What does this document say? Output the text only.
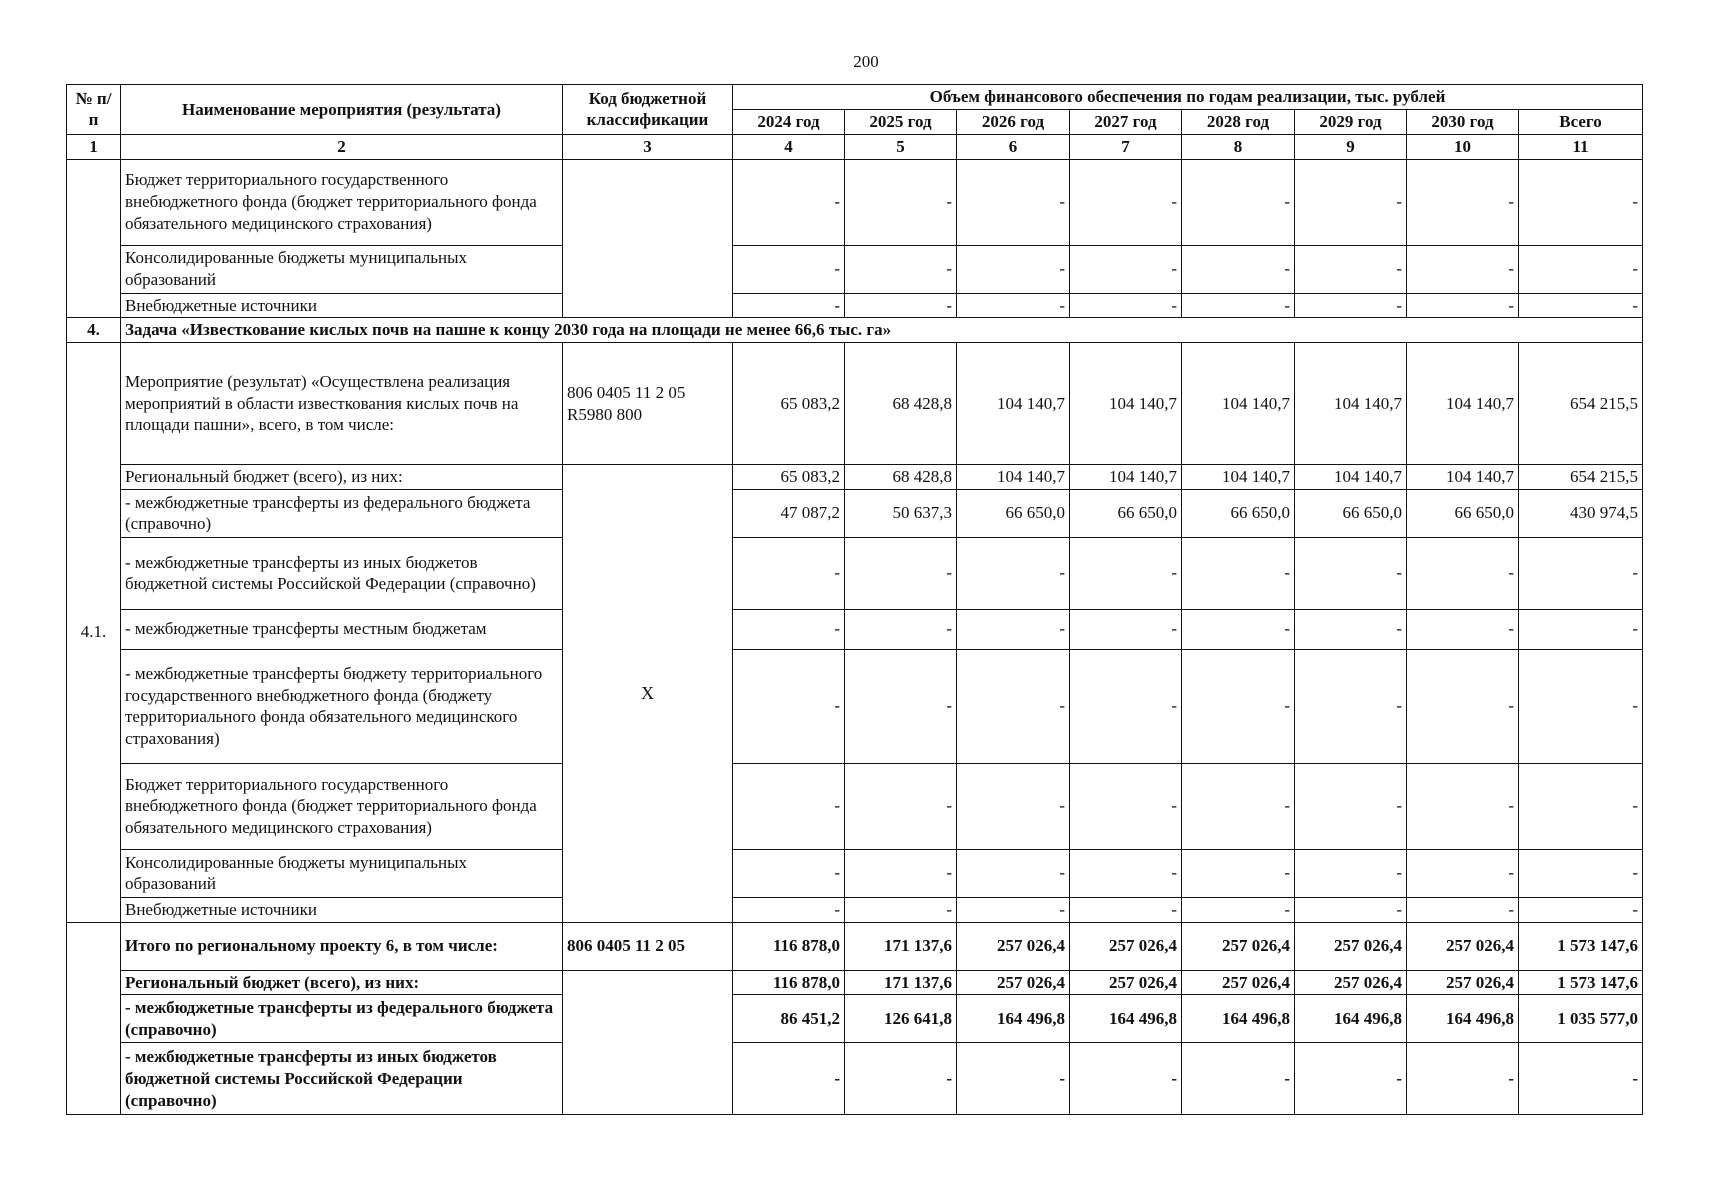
200
№ п/п	Наименование мероприятия (результата)	Код бюджетной классификации	Объем финансового обеспечения по годам реализации, тыс. рублей							
			2024 год	2025 год	2026 год	2027 год	2028 год	2029 год	2030 год	Всего
1	2	3	4	5	6	7	8	9	10	11
	Бюджет территориального государственного внебюджетного фонда (бюджет территориального фонда обязательного медицинского страхования)		-	-	-	-	-	-	-	-
	Консолидированные бюджеты муниципальных образований		-	-	-	-	-	-	-	-
	Внебюджетные источники		-	-	-	-	-	-	-	-
4.	Задача «Известкование кислых почв на пашне к концу 2030 года на площади не менее 66,6 тыс. га»									
4.1.	Мероприятие (результат) «Осуществлена реализация мероприятий в области известкования кислых почв на площади пашни», всего, в том числе:	806 0405 11 2 05 R5980 800	65 083,2	68 428,8	104 140,7	104 140,7	104 140,7	104 140,7	104 140,7	654 215,5
	Региональный бюджет (всего), из них:	X	65 083,2	68 428,8	104 140,7	104 140,7	104 140,7	104 140,7	104 140,7	654 215,5
	- межбюджетные трансферты из федерального бюджета (справочно)		47 087,2	50 637,3	66 650,0	66 650,0	66 650,0	66 650,0	66 650,0	430 974,5
	- межбюджетные трансферты из иных бюджетов бюджетной системы Российской Федерации (справочно)		-	-	-	-	-	-	-	-
	- межбюджетные трансферты местным бюджетам		-	-	-	-	-	-	-	-
	- межбюджетные трансферты бюджету территориального государственного внебюджетного фонда (бюджету территориального фонда обязательного медицинского страхования)		-	-	-	-	-	-	-	-
	Бюджет территориального государственного внебюджетного фонда (бюджет территориального фонда обязательного медицинского страхования)		-	-	-	-	-	-	-	-
	Консолидированные бюджеты муниципальных образований		-	-	-	-	-	-	-	-
	Внебюджетные источники		-	-	-	-	-	-	-	-
	Итого по региональному проекту 6, в том числе:	806 0405 11 2 05	116 878,0	171 137,6	257 026,4	257 026,4	257 026,4	257 026,4	257 026,4	1 573 147,6
	Региональный бюджет (всего), из них:		116 878,0	171 137,6	257 026,4	257 026,4	257 026,4	257 026,4	257 026,4	1 573 147,6
	- межбюджетные трансферты из федерального бюджета (справочно)		86 451,2	126 641,8	164 496,8	164 496,8	164 496,8	164 496,8	164 496,8	1 035 577,0
	- межбюджетные трансферты из иных бюджетов бюджетной системы Российской Федерации (справочно)		-	-	-	-	-	-	-	-
